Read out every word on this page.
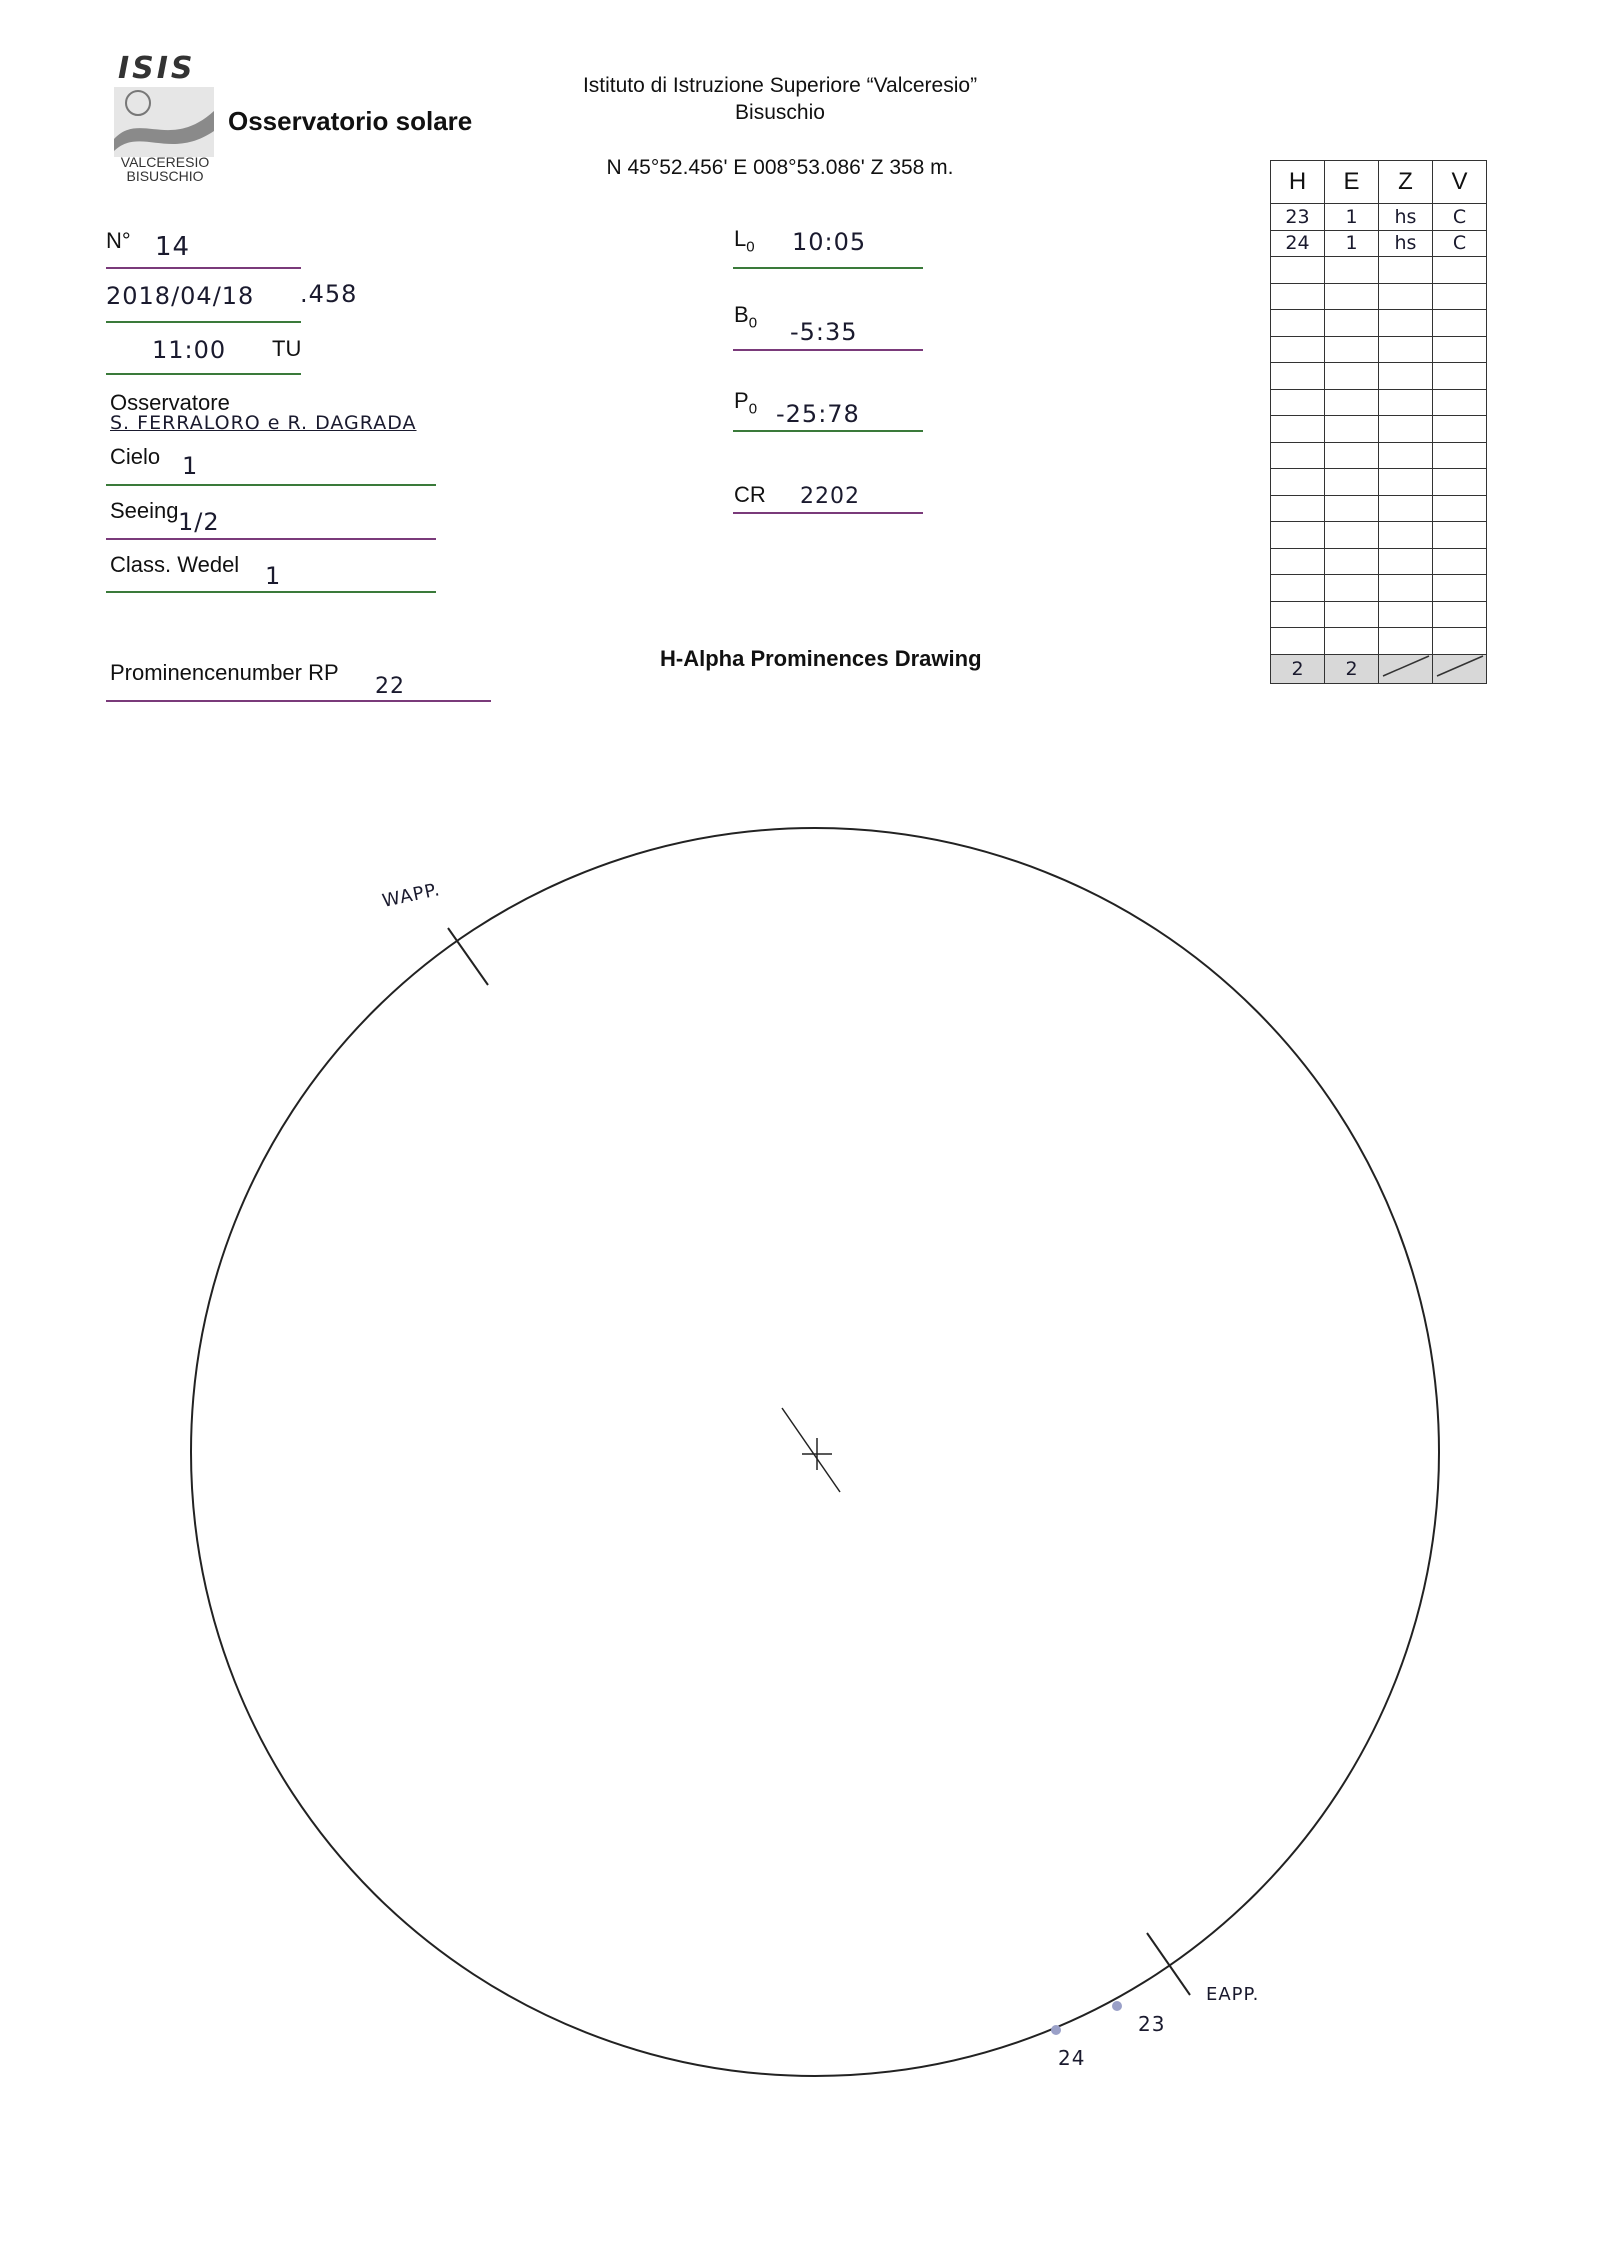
ISIS
VALCERESIO
BISUSCHIO
Osservatorio solare
Istituto di Istruzione Superiore “Valceresio”
Bisuschio
N 45°52.456' E 008°53.086' Z 358 m.
N° 14
2018/04/18 .458
11:00 TU
Osservatore
S. FERRALORO e R. DAGRADA
Cielo 1
Seeing 1/2
Class. Wedel 1
Prominencenumber RP
22
$L_0$ 10:05
$B_0$ -5:35
$P_0$ -25:78
CR 2202
H-Alpha Prominences Drawing
H	E	Z	V
23	1	hs	C
24	1	hs	C

2	2		
WAPP.
EAPP.
23
24
